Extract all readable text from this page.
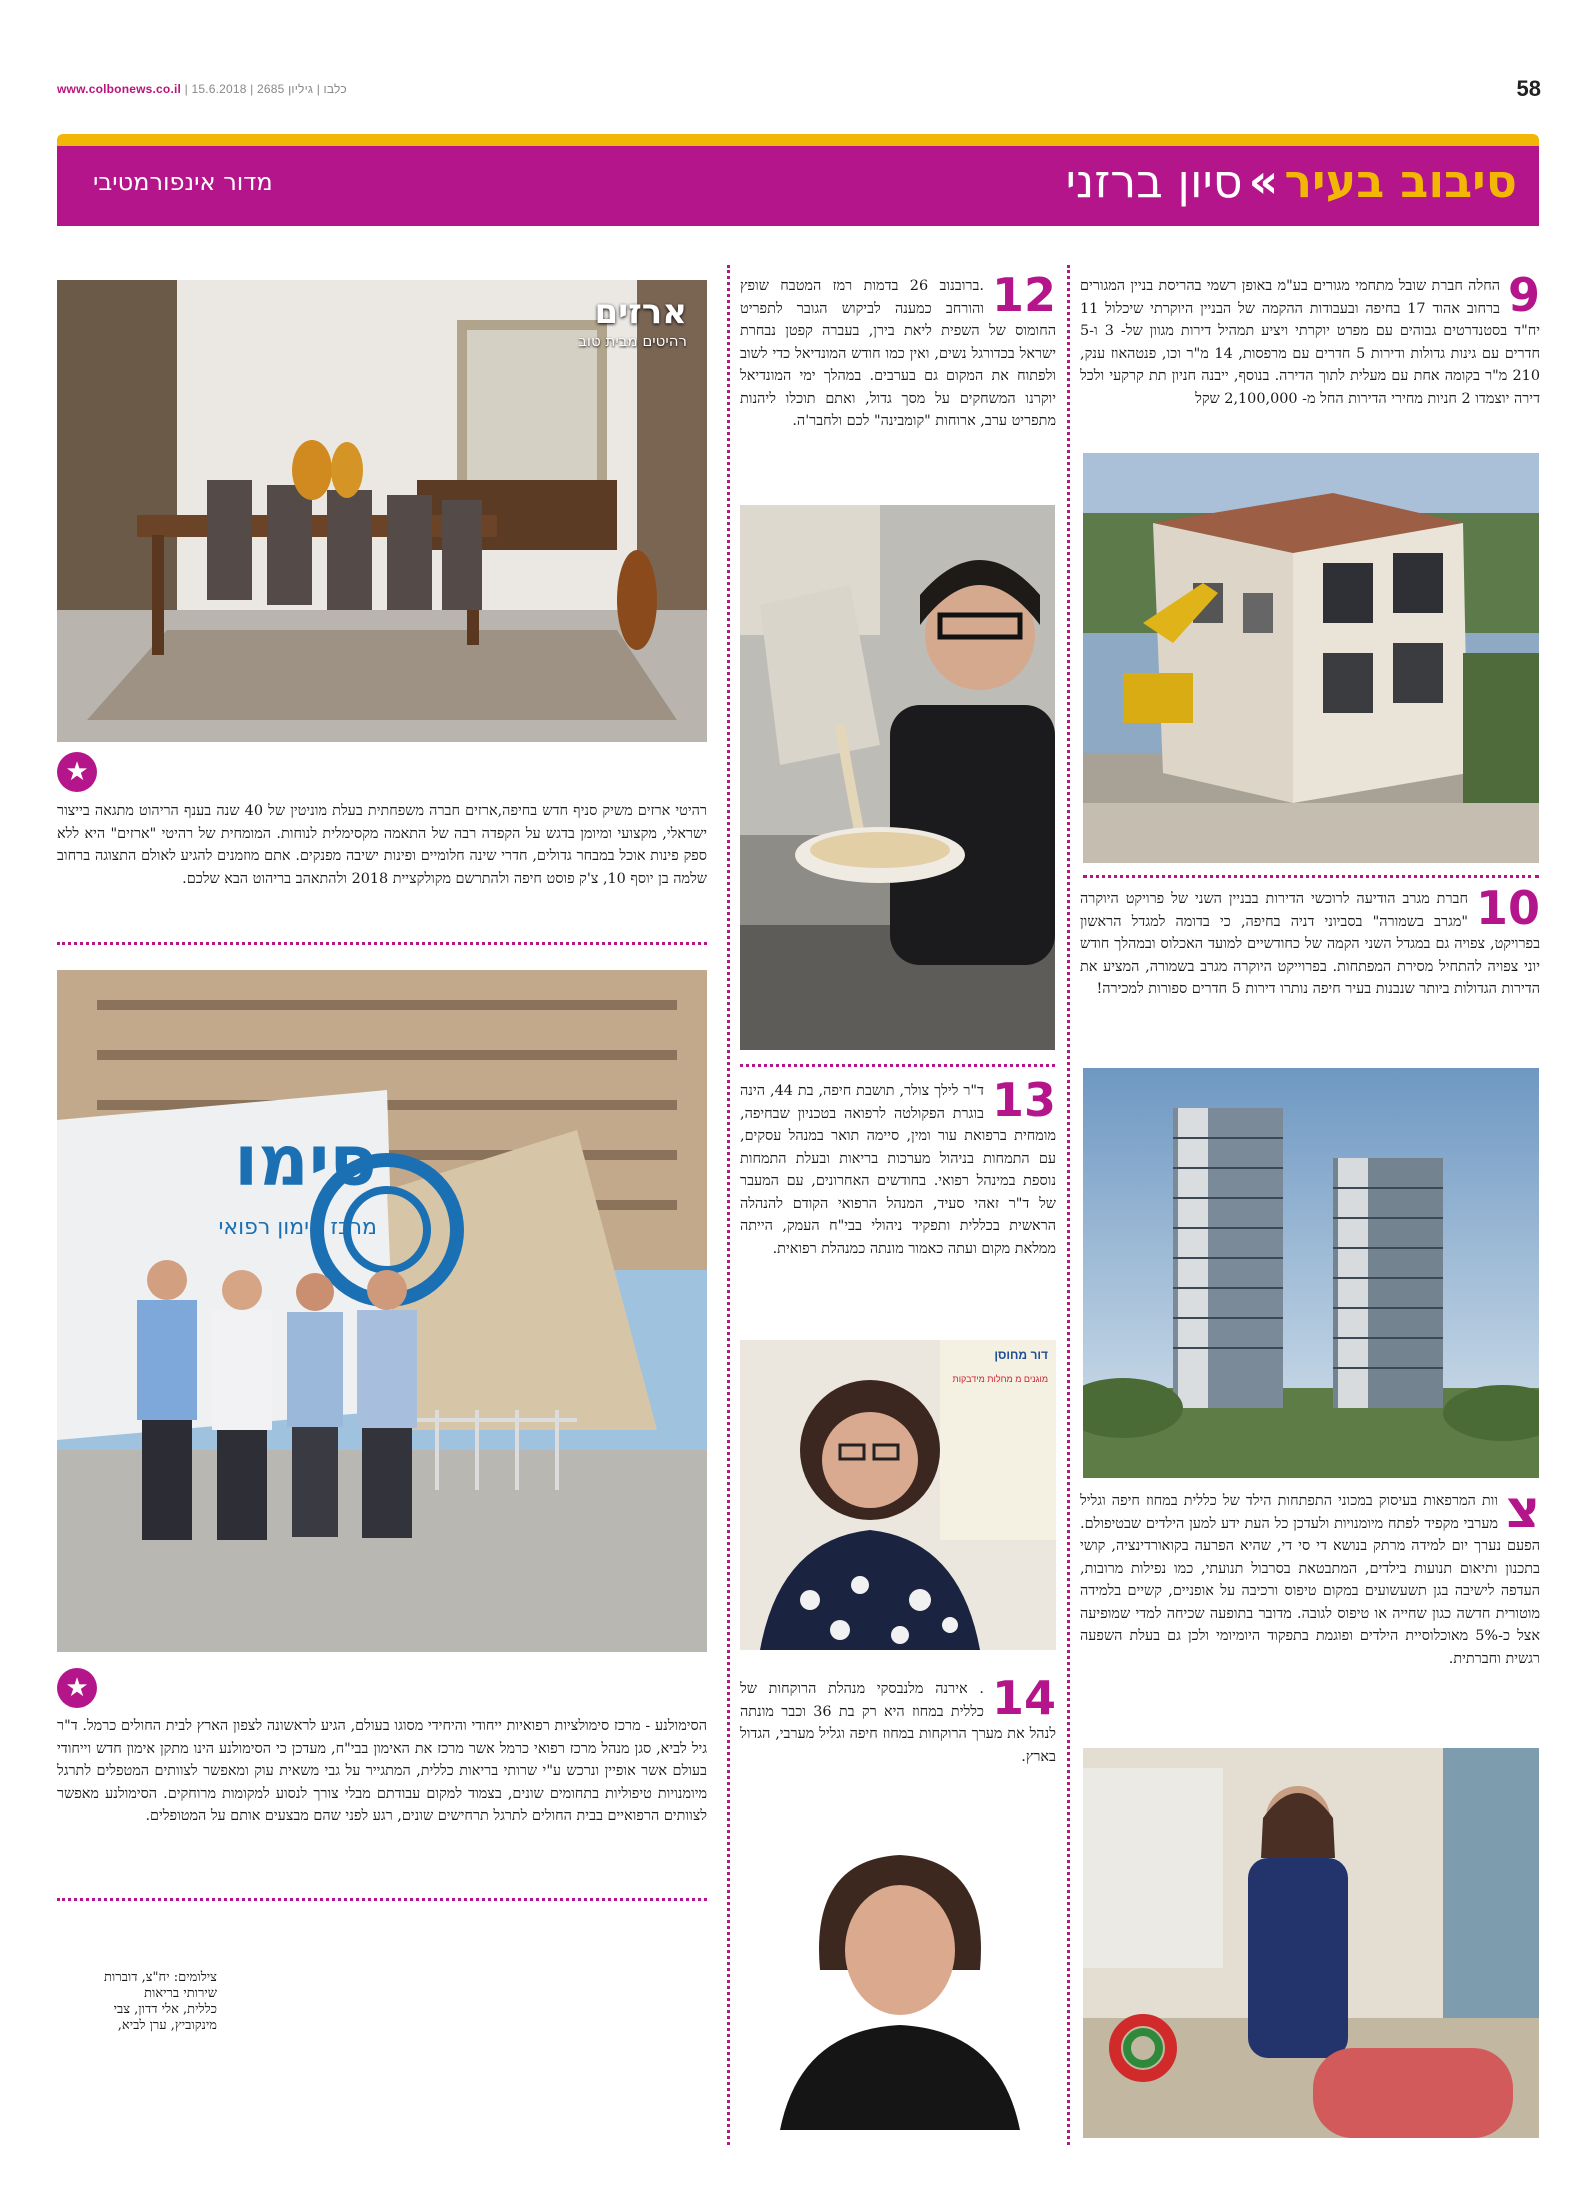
www.colbonews.co.il | כלבו | גיליון 2685 | 15.6.2018	58
סיבוב בעיר»סיון ברזני
מדור אינפורמטיבי
9
החלה חברת שובל מתחמי מגורים בע"מ באופן רשמי בהריסת בניין המגורים ברחוב אהוד 17 בחיפה ובעבודות ההקמה של הבניין היוקרתי שיכלול 11 יח"ד בסטנדרטים גבוהים עם מפרט יוקרתי ויציע תמהיל דירות מגוון של- 3 ו-5 חדרים עם גינות גדולות ודירות 5 חדרים עם מרפסות, 14 מ"ר וכו, פנטהאוז ענק, 210 מ"ר בקומה אחת עם מעלית לתוך הדירה. בנוסף, ייבנה חניון תת קרקעי ולכל דירה יוצמדו 2 חניות מחירי הדירות החל מ- 2,100,000 שקל
10
חברת מגרב הודיעה לרוכשי הדירות בבניין השני של פרויקט היוקרה "מגרב בשמורה" בסביוני דניה בחיפה, כי בדומה למגדל הראשון בפרויקט, צפויה גם במגדל השני הקמה של כחודשיים למועד האכלוס ובמהלך חודש יוני צפויה להתחיל מסירת המפתחות. בפרוייקט היוקרה מגרב בשמורה, המציע את הדירות הגדולות ביותר שנבנות בעיר חיפה נותרו דירות 5 חדרים ספורות למכירה!
צ
וות המרפאות בעיסוק במכוני התפתחות הילד של כללית במחוז חיפה וגליל מערבי מקפיד לפתח מיומנויות ולעדכן כל העת ידע למען הילדים שבטיפולם. הפעם נערך יום למידה מרתק בנושא די סי די, שהיא הפרעה בקואורדינציה, קושי בתכנון ותיאום תנועות בילדים, המתבטאת בסרבול תנועתי, כמו נפילות מרובות, העדפה לישיבה בגן תשעשועים במקום טיפוס ורכיבה על אופניים, קשיים בלמידה מוטורית חדשה כגון שחייה או טיפוס לגובה. מדובר בתופעה שכיחה למדי שמופיעה אצל כ-5% מאוכלוסיית הילדים ופוגמת בתפקוד היומיומי ולכן גם בעלת השפעה רגשית וחברתית.
12
.ברובנוב 26 בדמות רמז המטבח שופץ והורחב כמענה לביקוש הגובר לתפריט החומוס של השפית ליאת בירן, בעברה קפטן נבחרת ישראל בכדורגל נשים, ואין כמו חודש המונדיאל כדי לשוב ולפתוח את המקום גם בערבים. במהלך ימי המונדיאל יוקרנו המשחקים על מסך גדול, ואתם תוכלו ליהנות מתפריט ערב, ארוחות "קומבינה" לכם ולחבר'ה.
13
ד"ר לילך צולר, תושבת חיפה, בת 44, הינה בוגרת הפקולטה לרפואה בטכניון שבחיפה, מומחית ברפואת עור ומין, סיימה תואר במנהל עסקים, עם התמחות בניהול מערכות בריאות ובעלת התמחות נוספת במינהל רפואי. בחודשים האחרונים, עם המעבר של ד"ר זאהי סעיד, המנהל הרפואי הקודם להנהלה הראשית בכללית ותפקיד ניהולי בבי"ח העמק, הייתה ממלאת מקום ועתה כאמור מונתה כמנהלת רפואית.
דור מחוסן
מוגנים מ מחלות מידבקות
14
. אירנה מלנבסקי מנהלת הרוקחות של כללית במחוז היא רק בת 36 וכבר מונתה לנהל את מערך הרוקחות במחוז חיפה וגליל מערבי, הגדול בארץ.
ארזים
רהיטים מבית טוב
★
רהיטי ארזים משיק סניף חדש בחיפה,ארזים חברה משפחתית בעלת מוניטין של 40 שנה בענף הריהוט מתגאה בייצור ישראלי, מקצועי ומיומן בדגש על הקפדה רבה של התאמה מקסימלית לנוחות. המומחית של רהיטי "ארזים" היא ללא ספק פינות אוכל במבחר גדולים, חדרי שינה חלומיים ופינות ישיבה מפנקים. אתם מוזמנים להגיע לאולם התצוגה ברחוב שלמה בן יוסף 10, צ'ק פוסט חיפה ולהתרשם מקולקציית 2018 ולהתאהב בריהוט הבא שלכם.
סימו
מרכז סימון רפואי
★
הסימולנע - מרכז סימולציות רפואיות ייחודי והיחידי מסוגו בעולם, הגיע לראשונה לצפון הארץ לבית החולים כרמל. ד"ר גיל לביא, סגן מנהל מרכז רפואי כרמל אשר מרכז את האימון בבי"ח, מעדכן כי הסימולנע הינו מתקן אימון חדש וייחודי בעולם אשר אופיין ונרכש ע"י שרותי בריאות כללית, המתגייר על גבי משאית עוק ומאפשר לצוותים המטפלים לתרגל מיומנויות טיפוליות בתחומים שונים, בצמוד למקום עבודתם מבלי צורך לנסוע למקומות מרוחקים. הסימולנע מאפשר לצוותים הרפואיים בבית החולים לתרגל תרחישים שונים, רגע לפני שהם מבצעים אותם על המטופלים.
צילומים: יח"צ, דוברות
שירותי בריאות
כללית, אלי דדון, צבי
מינקוביץ, ערן לביא,
